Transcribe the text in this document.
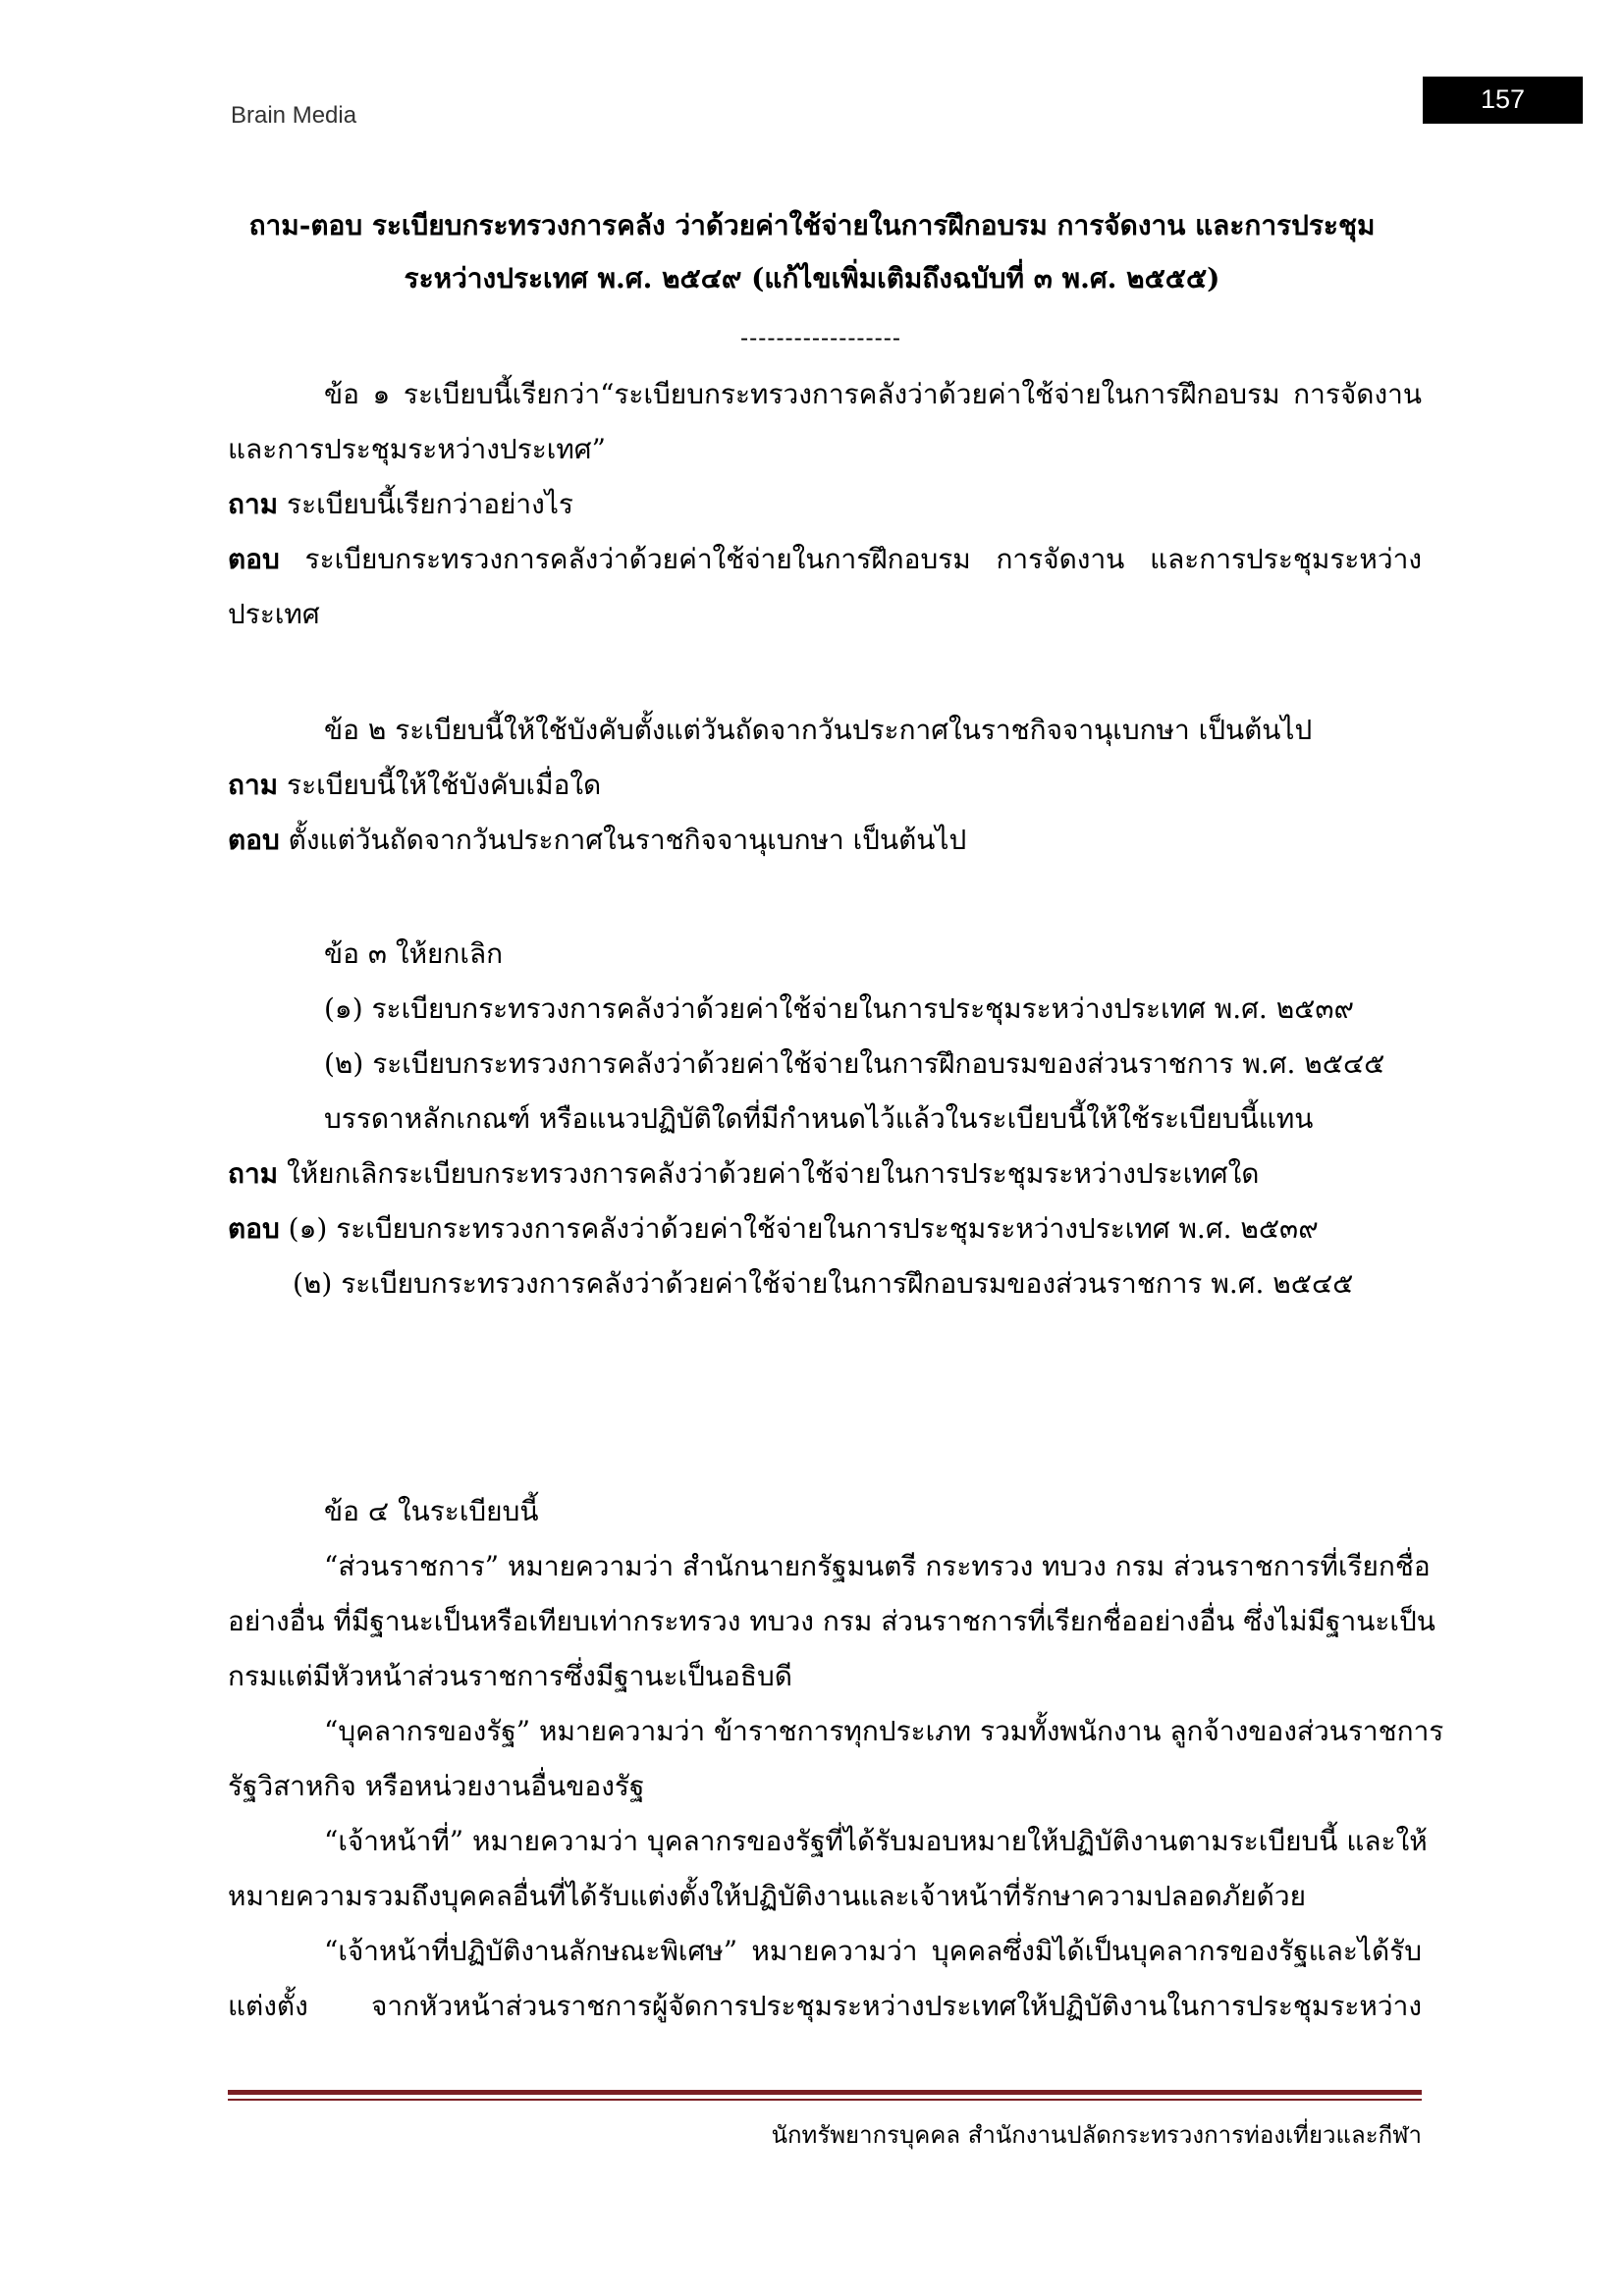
Brain Media
157
ถาม-ตอบ ระเบียบกระทรวงการคลัง ว่าด้วยค่าใช้จ่ายในการฝึกอบรม การจัดงาน และการประชุม
ระหว่างประเทศ พ.ศ. ๒๕๔๙ (แก้ไขเพิ่มเติมถึงฉบับที่ ๓ พ.ศ. ๒๕๕๕)
------------------
ข้อ ๑ ระเบียบนี้เรียกว่า“ระเบียบกระทรวงการคลังว่าด้วยค่าใช้จ่ายในการฝึกอบรม การจัดงาน
และการประชุมระหว่างประเทศ”
ถาม ระเบียบนี้เรียกว่าอย่างไร
ตอบ ระเบียบกระทรวงการคลังว่าด้วยค่าใช้จ่ายในการฝึกอบรม การจัดงาน และการประชุมระหว่าง
ประเทศ
ข้อ ๒ ระเบียบนี้ให้ใช้บังคับตั้งแต่วันถัดจากวันประกาศในราชกิจจานุเบกษา เป็นต้นไป
ถาม ระเบียบนี้ให้ใช้บังคับเมื่อใด
ตอบ ตั้งแต่วันถัดจากวันประกาศในราชกิจจานุเบกษา เป็นต้นไป
ข้อ ๓ ให้ยกเลิก
(๑) ระเบียบกระทรวงการคลังว่าด้วยค่าใช้จ่ายในการประชุมระหว่างประเทศ พ.ศ. ๒๕๓๙
(๒) ระเบียบกระทรวงการคลังว่าด้วยค่าใช้จ่ายในการฝึกอบรมของส่วนราชการ พ.ศ. ๒๕๔๕
บรรดาหลักเกณฑ์ หรือแนวปฏิบัติใดที่มีกำหนดไว้แล้วในระเบียบนี้ให้ใช้ระเบียบนี้แทน
ถาม ให้ยกเลิกระเบียบกระทรวงการคลังว่าด้วยค่าใช้จ่ายในการประชุมระหว่างประเทศใด
ตอบ (๑) ระเบียบกระทรวงการคลังว่าด้วยค่าใช้จ่ายในการประชุมระหว่างประเทศ พ.ศ. ๒๕๓๙
(๒) ระเบียบกระทรวงการคลังว่าด้วยค่าใช้จ่ายในการฝึกอบรมของส่วนราชการ พ.ศ. ๒๕๔๕
ข้อ ๔ ในระเบียบนี้
“ส่วนราชการ” หมายความว่า สำนักนายกรัฐมนตรี กระทรวง ทบวง กรม ส่วนราชการที่เรียกชื่อ
อย่างอื่น ที่มีฐานะเป็นหรือเทียบเท่ากระทรวง ทบวง กรม ส่วนราชการที่เรียกชื่ออย่างอื่น ซึ่งไม่มีฐานะเป็น
กรมแต่มีหัวหน้าส่วนราชการซึ่งมีฐานะเป็นอธิบดี
“บุคลากรของรัฐ” หมายความว่า ข้าราชการทุกประเภท รวมทั้งพนักงาน ลูกจ้างของส่วนราชการ
รัฐวิสาหกิจ หรือหน่วยงานอื่นของรัฐ
“เจ้าหน้าที่” หมายความว่า บุคลากรของรัฐที่ได้รับมอบหมายให้ปฏิบัติงานตามระเบียบนี้ และให้
หมายความรวมถึงบุคคลอื่นที่ได้รับแต่งตั้งให้ปฏิบัติงานและเจ้าหน้าที่รักษาความปลอดภัยด้วย
“เจ้าหน้าที่ปฏิบัติงานลักษณะพิเศษ” หมายความว่า บุคคลซึ่งมิได้เป็นบุคลากรของรัฐและได้รับ
แต่งตั้ง จากหัวหน้าส่วนราชการผู้จัดการประชุมระหว่างประเทศให้ปฏิบัติงานในการประชุมระหว่าง
นักทรัพยากรบุคคล สำนักงานปลัดกระทรวงการท่องเที่ยวและกีฬา
